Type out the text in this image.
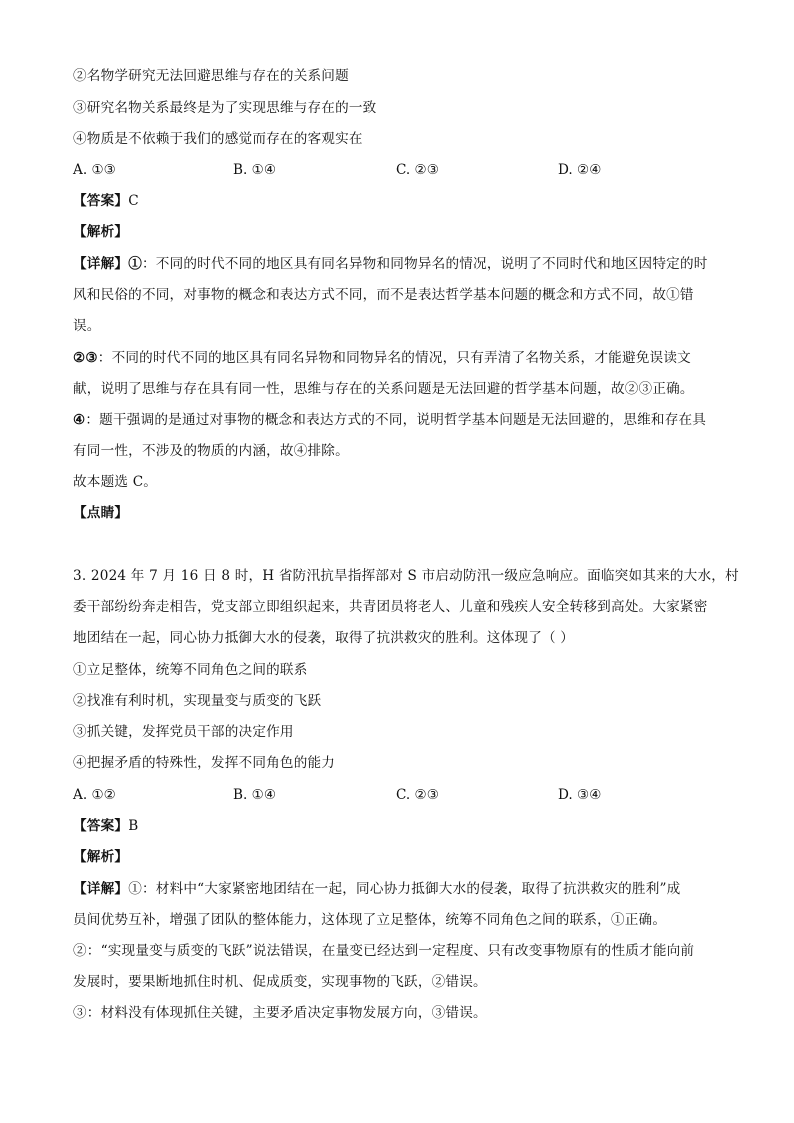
②名物学研究无法回避思维与存在的关系问题
③研究名物关系最终是为了实现思维与存在的一致
④物质是不依赖于我们的感觉而存在的客观实在
A. ①③	B. ①④	C. ②③	D. ②④
【答案】C
【解析】
【详解】①：不同的时代不同的地区具有同名异物和同物异名的情况，说明了不同时代和地区因特定的时
风和民俗的不同，对事物的概念和表达方式不同，而不是表达哲学基本问题的概念和方式不同，故①错
误。
②③：不同的时代不同的地区具有同名异物和同物异名的情况，只有弄清了名物关系，才能避免误读文
献，说明了思维与存在具有同一性，思维与存在的关系问题是无法回避的哲学基本问题，故②③正确。
④：题干强调的是通过对事物的概念和表达方式的不同，说明哲学基本问题是无法回避的，思维和存在具
有同一性，不涉及的物质的内涵，故④排除。
故本题选 C。
【点睛】
3. 2024 年 7 月 16 日 8 时，H 省防汛抗旱指挥部对 S 市启动防汛一级应急响应。面临突如其来的大水，村
委干部纷纷奔走相告，党支部立即组织起来，共青团员将老人、儿童和残疾人安全转移到高处。大家紧密
地团结在一起，同心协力抵御大水的侵袭，取得了抗洪救灾的胜利。这体现了（ ）
①立足整体，统筹不同角色之间的联系
②找准有利时机，实现量变与质变的飞跃
③抓关键，发挥党员干部的决定作用
④把握矛盾的特殊性，发挥不同角色的能力
A. ①②	B. ①④	C. ②③	D. ③④
【答案】B
【解析】
【详解】①：材料中“大家紧密地团结在一起，同心协力抵御大水的侵袭，取得了抗洪救灾的胜利”成
员间优势互补，增强了团队的整体能力，这体现了立足整体，统筹不同角色之间的联系，①正确。
②：“实现量变与质变的飞跃”说法错误，在量变已经达到一定程度、只有改变事物原有的性质才能向前
发展时，要果断地抓住时机、促成质变，实现事物的飞跃，②错误。
③：材料没有体现抓住关键，主要矛盾决定事物发展方向，③错误。
